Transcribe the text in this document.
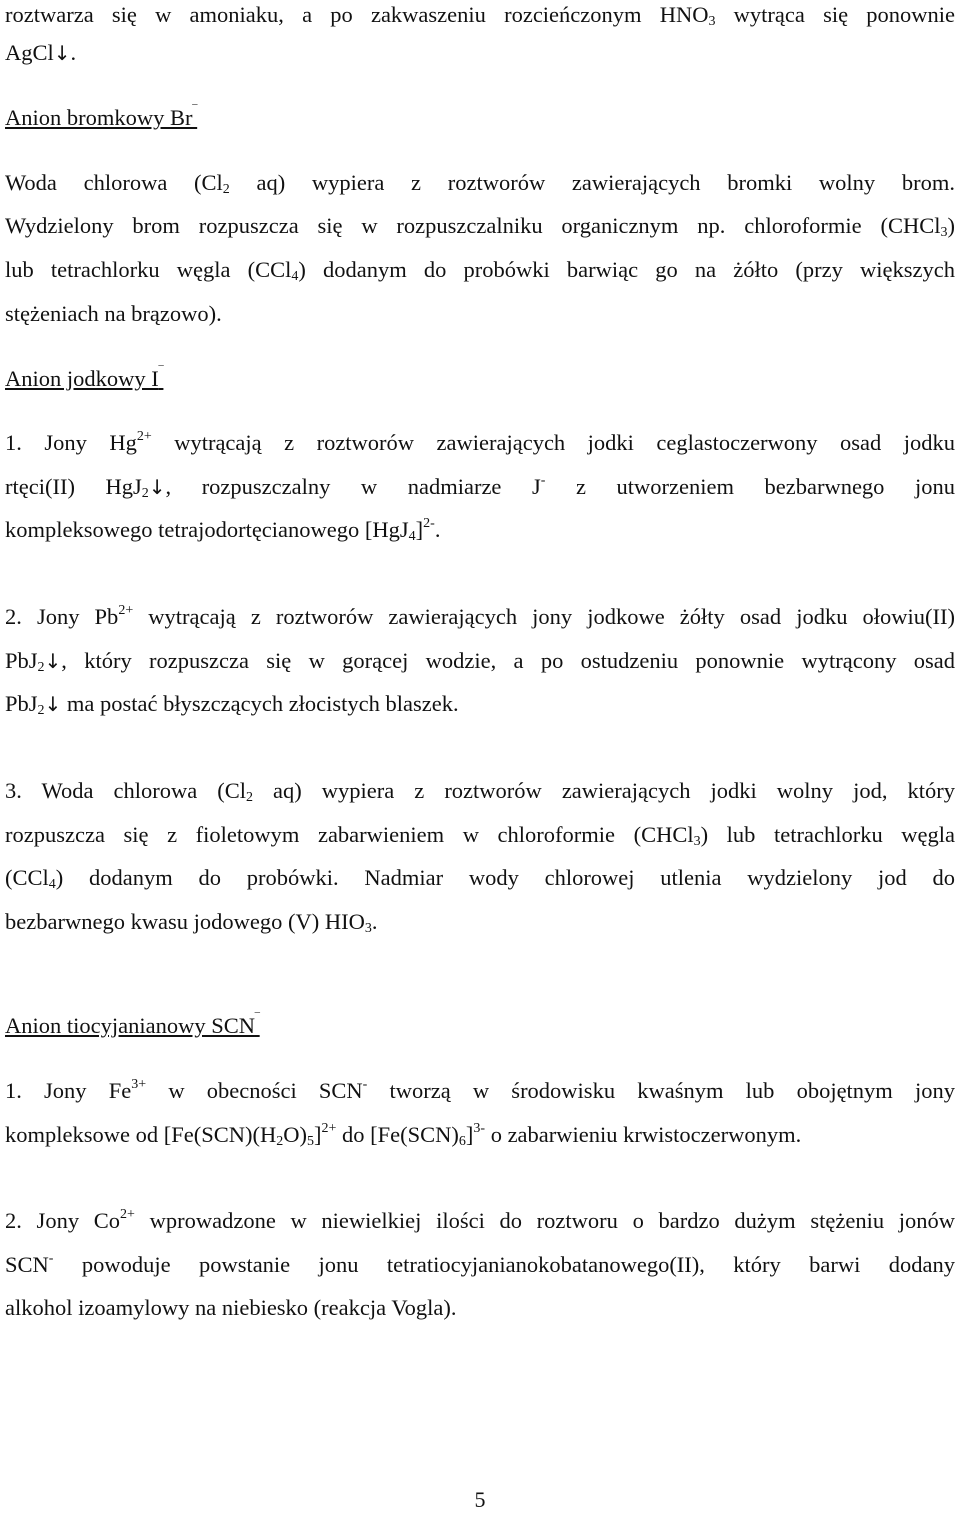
roztwarza się w amoniaku, a po zakwaszeniu rozcieńczonym $HNO_3$ wytrąca się ponownie
AgCl↓.
Anion bromkowy Br‾
Woda chlorowa ($Cl_2$ aq) wypiera z roztworów zawierających bromki wolny brom.
Wydzielony brom rozpuszcza się w rozpuszczalniku organicznym np. chloroformie (CHCl$_3$)
lub tetrachlorku węgla (CCl$_4$) dodanym do probówki barwiąc go na żółto (przy większych
stężeniach na brązowo).
Anion jodkowy I‾
1. Jony $Hg^{2+}$ wytrącają z roztworów zawierających jodki ceglastoczerwony osad jodku
rtęci(II) HgJ$_2$↓, rozpuszczalny w nadmiarze J- z utworzeniem bezbarwnego jonu
kompleksowego tetrajodortęcianowego $[HgJ_4]^{2-}$.
2. Jony $Pb^{2+}$ wytrącają z roztworów zawierających jony jodkowe żółty osad jodku ołowiu(II)
PbJ$_2$↓, który rozpuszcza się w gorącej wodzie, a po ostudzeniu ponownie wytrącony osad
PbJ$_2$↓ ma postać błyszczących złocistych blaszek.
3. Woda chlorowa ($Cl_2$ aq) wypiera z roztworów zawierających jodki wolny jod, który
rozpuszcza się z fioletowym zabarwieniem w chloroformie (CHCl$_3$) lub tetrachlorku węgla
(CCl$_4$) dodanym do probówki. Nadmiar wody chlorowej utlenia wydzielony jod do
bezbarwnego kwasu jodowego (V) $HIO_3$.
Anion tiocyjanianowy SCN‾
1. Jony $Fe^{3+}$ w obecności SCN- tworzą w środowisku kwaśnym lub obojętnym jony
kompleksowe od $[Fe(SCN)(H_2O)_5]^{2+}$ do $[Fe(SCN)_6]^{3-}$ o zabarwieniu krwistoczerwonym.
2. Jony $Co^{2+}$ wprowadzone w niewielkiej ilości do roztworu o bardzo dużym stężeniu jonów
SCN- powoduje powstanie jonu tetratiocyjanianokobatanowego(II), który barwi dodany
alkohol izoamylowy na niebiesko (reakcja Vogla).
5
